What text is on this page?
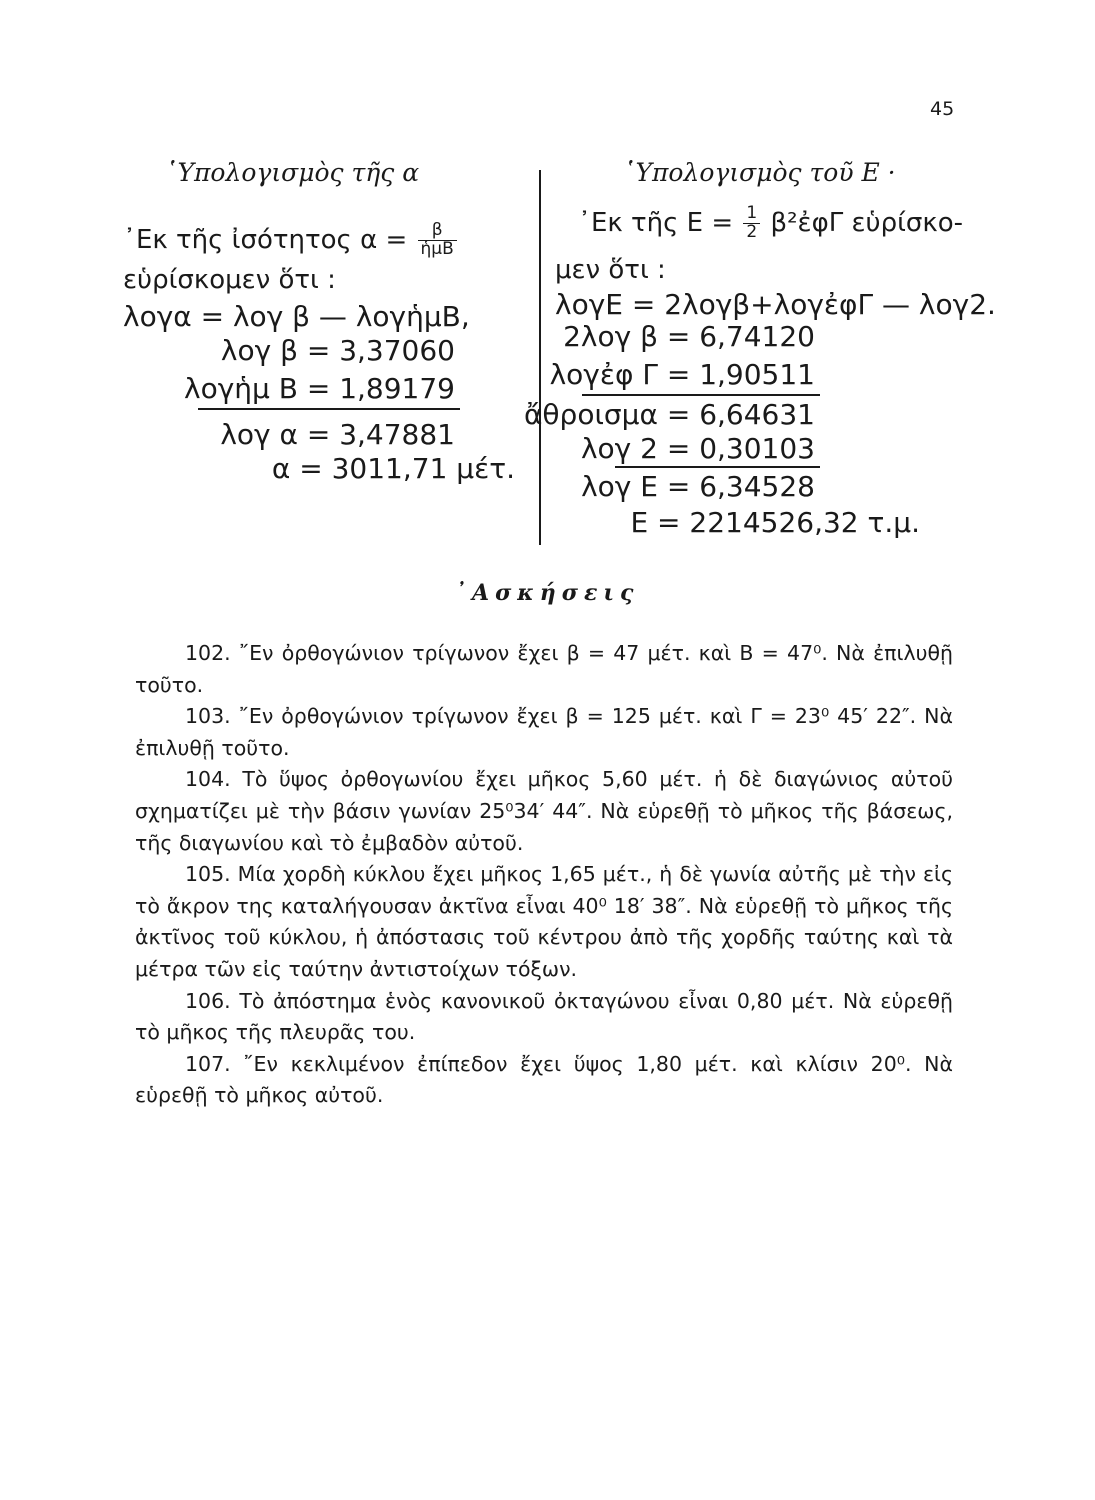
45
῾Υπολογισμὸς τῆς α
᾽Εκ τῆς ἰσότητος $\alpha = \frac{\beta}{\text{ἡμΒ}}$
εὑρίσκομεν ὅτι :
λογα = λογ β — λογἡμΒ,
λογ β = 3,37060
λογἡμ Β = 1,89179
λογ α = 3,47881
α = 3011,71 μέτ.
῾Υπολογισμὸς τοῦ Ε ·
᾽Εκ τῆς $E = \frac{1}{2}$ β²ἐφΓ εὑρίσκο-
μεν ὅτι :
λογΕ = 2λογβ+λογἐφΓ — λογ2.
2λογ β = 6,74120
λογἐφ Γ = 1,90511
ἄθροισμα = 6,64631
λογ 2 = 0,30103
λογ Ε = 6,34528
Ε = 2214526,32 τ.μ.
᾽Ασκήσεις

102. ῎Εν ὀρθογώνιον τρίγωνον ἔχει β = 47 μέτ. καὶ Β = 47⁰. Νὰ ἐπιλυθῇ τοῦτο.

103. ῎Εν ὀρθογώνιον τρίγωνον ἔχει β = 125 μέτ. καὶ Γ = 23⁰ 45′ 22″. Νὰ ἐπιλυθῇ τοῦτο.

104. Τὸ ὕψος ὀρθογωνίου ἔχει μῆκος 5,60 μέτ. ἡ δὲ διαγώνιος αὐτοῦ σχηματίζει μὲ τὴν βάσιν γωνίαν 25⁰34′ 44″. Νὰ εὑρεθῇ τὸ μῆκος τῆς βάσεως, τῆς διαγωνίου καὶ τὸ ἐμβαδὸν αὐτοῦ.

105. Μία χορδὴ κύκλου ἔχει μῆκος 1,65 μέτ., ἡ δὲ γωνία αὐτῆς μὲ τὴν εἰς τὸ ἄκρον της καταλήγουσαν ἀκτῖνα εἶναι 40⁰ 18′ 38″. Νὰ εὑρεθῇ τὸ μῆκος τῆς ἀκτῖνος τοῦ κύκλου, ἡ ἀπόστασις τοῦ κέντρου ἀπὸ τῆς χορδῆς ταύτης καὶ τὰ μέτρα τῶν εἰς ταύτην ἀντιστοίχων τόξων.

106. Τὸ ἀπόστημα ἑνὸς κανονικοῦ ὀκταγώνου εἶναι 0,80 μέτ. Νὰ εὑρεθῇ τὸ μῆκος τῆς πλευρᾶς του.

107. ῎Εν κεκλιμένον ἐπίπεδον ἔχει ὕψος 1,80 μέτ. καὶ κλίσιν 20⁰. Νὰ εὑρεθῇ τὸ μῆκος αὐτοῦ.
